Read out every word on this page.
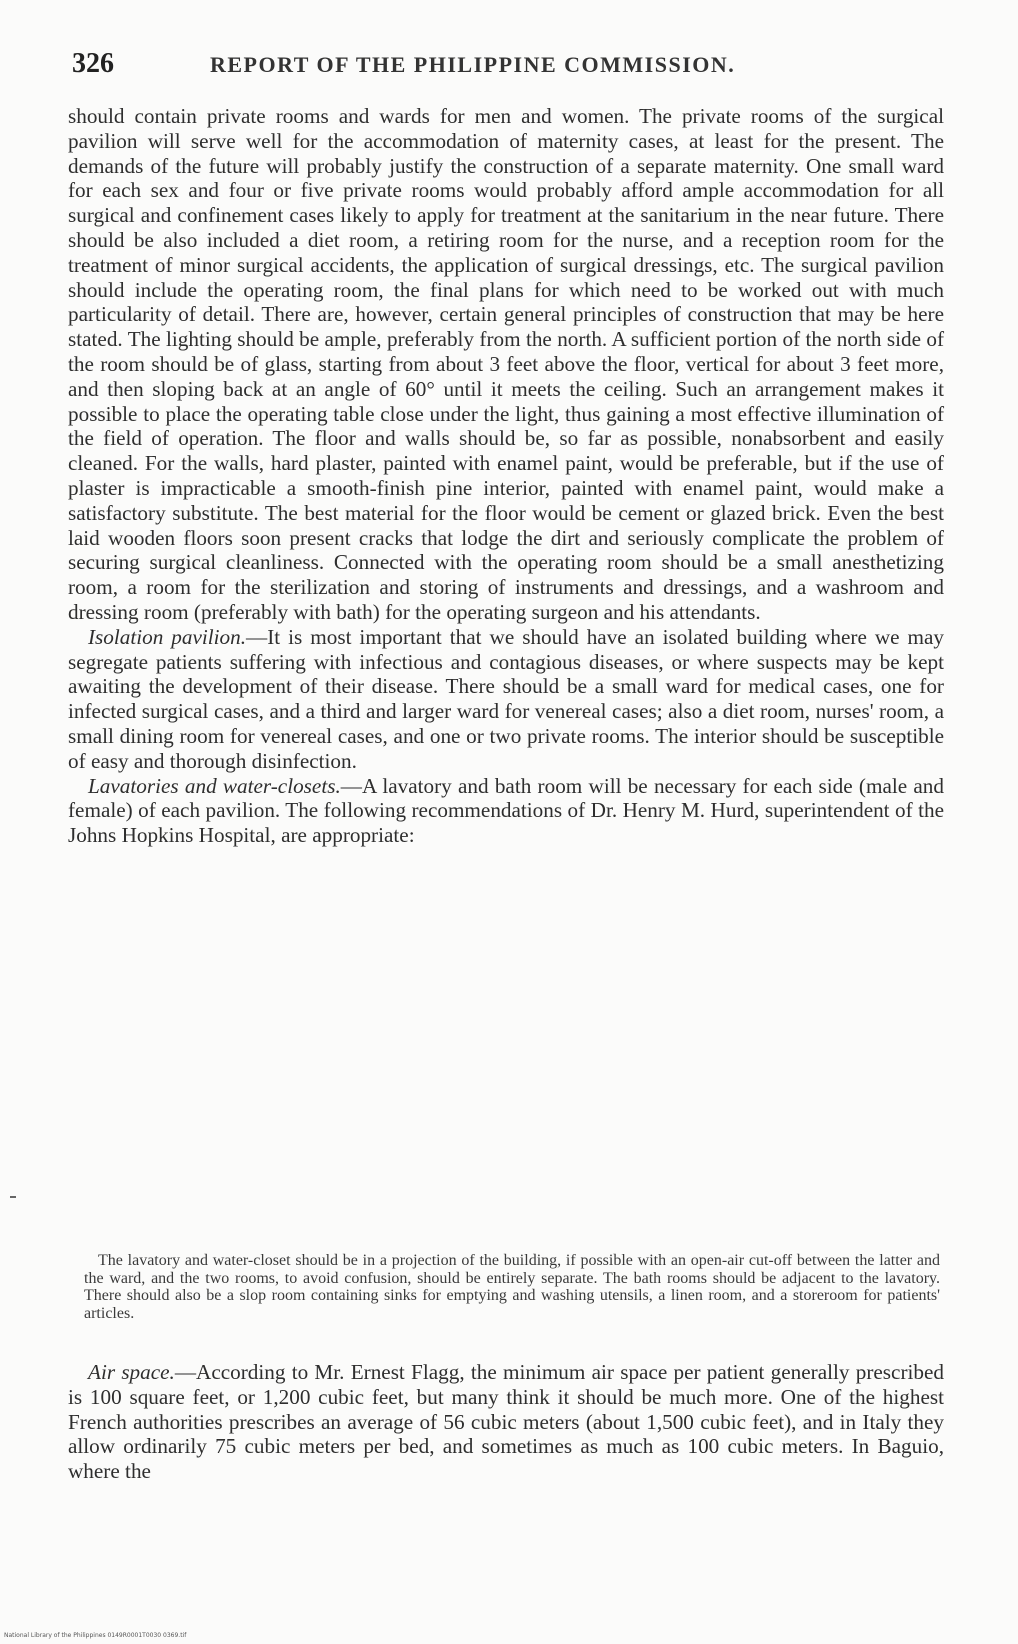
326	REPORT OF THE PHILIPPINE COMMISSION.

should contain private rooms and wards for men and women. The private rooms of the surgical pavilion will serve well for the accommodation of maternity cases, at least for the present. The demands of the future will probably justify the construction of a separate maternity. One small ward for each sex and four or five private rooms would probably afford ample accommodation for all surgical and confinement cases likely to apply for treatment at the sanitarium in the near future. There should be also included a diet room, a retiring room for the nurse, and a reception room for the treatment of minor surgical accidents, the application of surgical dressings, etc. The surgical pavilion should include the operating room, the final plans for which need to be worked out with much particularity of detail. There are, however, certain general principles of construction that may be here stated. The lighting should be ample, preferably from the north. A sufficient portion of the north side of the room should be of glass, starting from about 3 feet above the floor, vertical for about 3 feet more, and then sloping back at an angle of 60° until it meets the ceiling. Such an arrangement makes it possible to place the operating table close under the light, thus gaining a most effective illumination of the field of operation. The floor and walls should be, so far as possible, nonabsorbent and easily cleaned. For the walls, hard plaster, painted with enamel paint, would be preferable, but if the use of plaster is impracticable a smooth-finish pine interior, painted with enamel paint, would make a satisfactory substitute. The best material for the floor would be cement or glazed brick. Even the best laid wooden floors soon present cracks that lodge the dirt and seriously complicate the problem of securing surgical cleanliness. Connected with the operating room should be a small anesthetizing room, a room for the sterilization and storing of instruments and dressings, and a washroom and dressing room (preferably with bath) for the operating surgeon and his attendants.

Isolation pavilion.—It is most important that we should have an isolated building where we may segregate patients suffering with infectious and contagious diseases, or where suspects may be kept awaiting the development of their disease. There should be a small ward for medical cases, one for infected surgical cases, and a third and larger ward for venereal cases; also a diet room, nurses' room, a small dining room for venereal cases, and one or two private rooms. The interior should be susceptible of easy and thorough disinfection.

Lavatories and water-closets.—A lavatory and bath room will be necessary for each side (male and female) of each pavilion. The following recommendations of Dr. Henry M. Hurd, superintendent of the Johns Hopkins Hospital, are appropriate:

The lavatory and water-closet should be in a projection of the building, if possible with an open-air cut-off between the latter and the ward, and the two rooms, to avoid confusion, should be entirely separate. The bath rooms should be adjacent to the lavatory. There should also be a slop room containing sinks for emptying and washing utensils, a linen room, and a storeroom for patients' articles.

Air space.—According to Mr. Ernest Flagg, the minimum air space per patient generally prescribed is 100 square feet, or 1,200 cubic feet, but many think it should be much more. One of the highest French authorities prescribes an average of 56 cubic meters (about 1,500 cubic feet), and in Italy they allow ordinarily 75 cubic meters per bed, and sometimes as much as 100 cubic meters. In Baguio, where the

National Library of the Philippines 0149R0001T0030 0369.tif
